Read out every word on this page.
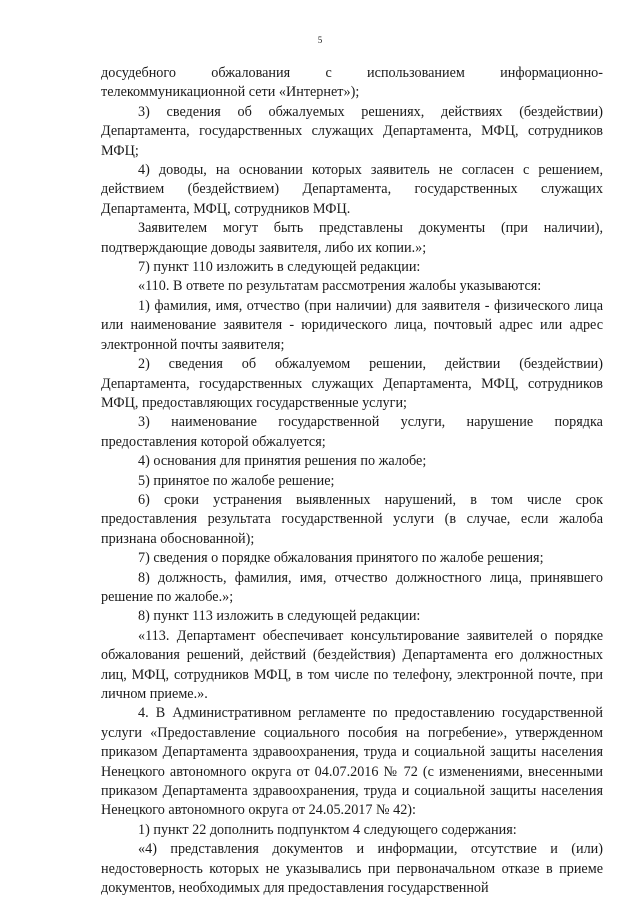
5

досудебного обжалования с использованием информационно-телекоммуникационной сети «Интернет»);

3) сведения об обжалуемых решениях, действиях (бездействии) Департамента, государственных служащих Департамента, МФЦ, сотрудников МФЦ;

4) доводы, на основании которых заявитель не согласен с решением, действием (бездействием) Департамента, государственных служащих Департамента, МФЦ, сотрудников МФЦ.

Заявителем могут быть представлены документы (при наличии), подтверждающие доводы заявителя, либо их копии.»;

7) пункт 110 изложить в следующей редакции:

«110. В ответе по результатам рассмотрения жалобы указываются:

1) фамилия, имя, отчество (при наличии) для заявителя - физического лица или наименование заявителя - юридического лица, почтовый адрес или адрес электронной почты заявителя;

2) сведения об обжалуемом решении, действии (бездействии) Департамента, государственных служащих Департамента, МФЦ, сотрудников МФЦ, предоставляющих государственные услуги;

3) наименование государственной услуги, нарушение порядка предоставления которой обжалуется;

4) основания для принятия решения по жалобе;

5) принятое по жалобе решение;

6) сроки устранения выявленных нарушений, в том числе срок предоставления результата государственной услуги (в случае, если жалоба признана обоснованной);

7) сведения о порядке обжалования принятого по жалобе решения;

8) должность, фамилия, имя, отчество должностного лица, принявшего решение по жалобе.»;

8) пункт 113 изложить в следующей редакции:

«113. Департамент обеспечивает консультирование заявителей о порядке обжалования решений, действий (бездействия) Департамента его должностных лиц, МФЦ, сотрудников МФЦ, в том числе по телефону, электронной почте, при личном приеме.».

4. В Административном регламенте по предоставлению государственной услуги «Предоставление социального пособия на погребение», утвержденном приказом Департамента здравоохранения, труда и социальной защиты населения Ненецкого автономного округа от 04.07.2016 № 72 (с изменениями, внесенными приказом Департамента здравоохранения, труда и социальной защиты населения Ненецкого автономного округа от 24.05.2017 № 42):

1) пункт 22 дополнить подпунктом 4 следующего содержания:

«4) представления документов и информации, отсутствие и (или) недостоверность которых не указывались при первоначальном отказе в приеме документов, необходимых для предоставления государственной
